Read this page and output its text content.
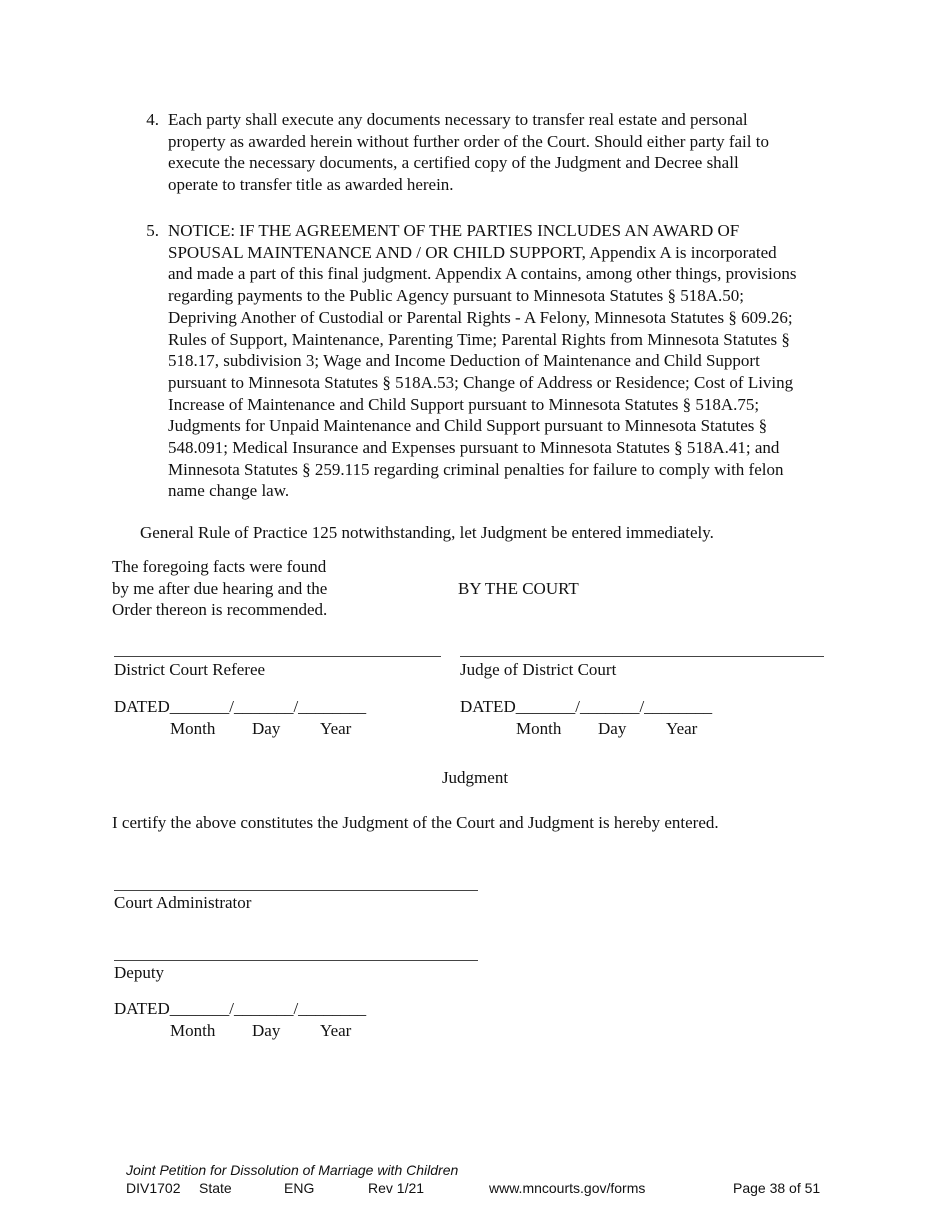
4. Each party shall execute any documents necessary to transfer real estate and personal
property as awarded herein without further order of the Court. Should either party fail to
execute the necessary documents, a certified copy of the Judgment and Decree shall
operate to transfer title as awarded herein.
5. NOTICE: IF THE AGREEMENT OF THE PARTIES INCLUDES AN AWARD OF
SPOUSAL MAINTENANCE AND / OR CHILD SUPPORT, Appendix A is incorporated
and made a part of this final judgment. Appendix A contains, among other things, provisions
regarding payments to the Public Agency pursuant to Minnesota Statutes § 518A.50;
Depriving Another of Custodial or Parental Rights - A Felony, Minnesota Statutes § 609.26;
Rules of Support, Maintenance, Parenting Time; Parental Rights from Minnesota Statutes §
518.17, subdivision 3; Wage and Income Deduction of Maintenance and Child Support
pursuant to Minnesota Statutes § 518A.53; Change of Address or Residence; Cost of Living
Increase of Maintenance and Child Support pursuant to Minnesota Statutes § 518A.75;
Judgments for Unpaid Maintenance and Child Support pursuant to Minnesota Statutes §
548.091; Medical Insurance and Expenses pursuant to Minnesota Statutes § 518A.41; and
Minnesota Statutes § 259.115 regarding criminal penalties for failure to comply with felon
name change law.
General Rule of Practice 125 notwithstanding, let Judgment be entered immediately.
The foregoing facts were found
by me after due hearing and the
Order thereon is recommended.
BY THE COURT
District Court Referee	Judge of District Court
DATED_______/_______/________
Month Day Year
DATED_______/_______/________
Month Day Year
Judgment
I certify the above constitutes the Judgment of the Court and Judgment is hereby entered.
Court Administrator
Deputy
DATED_______/_______/________
Month Day Year
Joint Petition for Dissolution of Marriage with Children
DIV1702 State	ENG	Rev 1/21	www.mncourts.gov/forms	Page 38 of 51
